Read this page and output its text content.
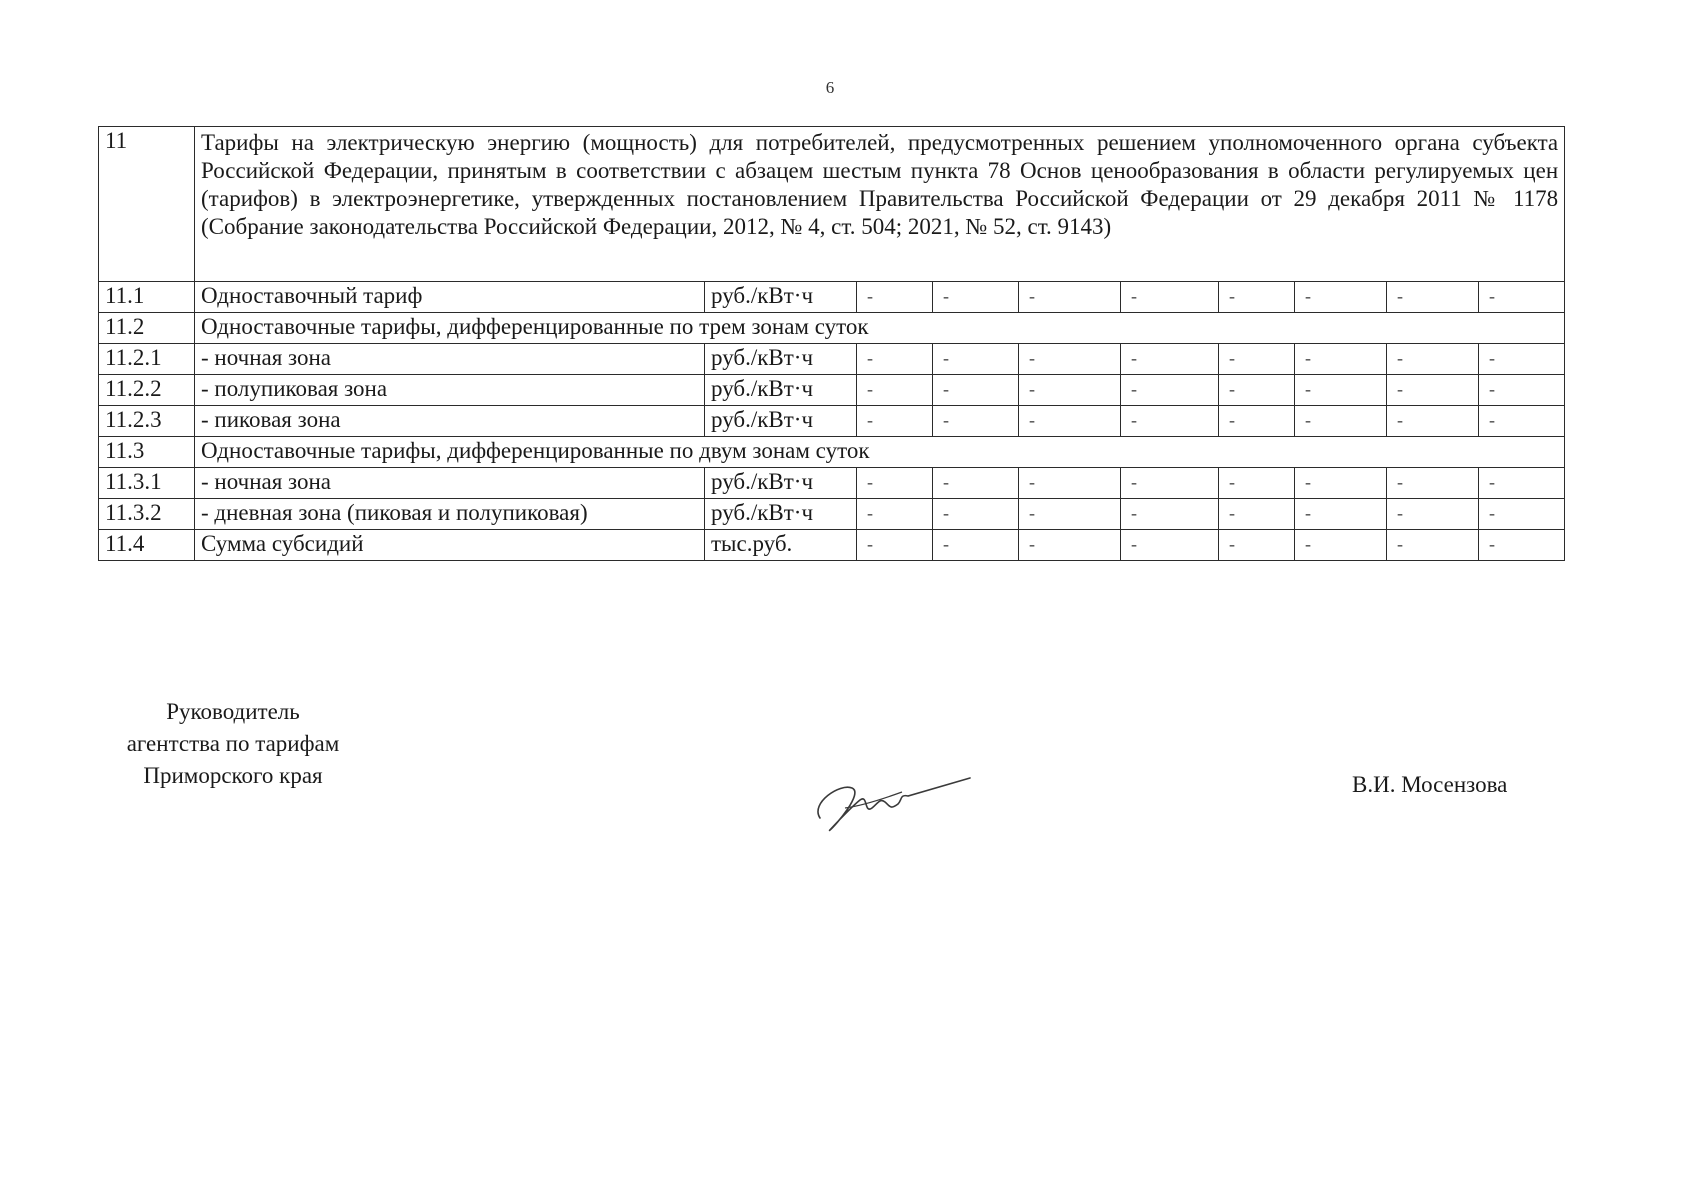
6
11	Тарифы на электрическую энергию (мощность) для потребителей, предусмотренных решением уполномоченного органа субъекта Российской Федерации, принятым в соответствии с абзацем шестым пункта 78 Основ ценообразования в области регулируемых цен (тарифов) в электроэнергетике, утвержденных постановлением Правительства Российской Федерации от 29 декабря 2011 № 1178 (Собрание законодательства Российской Федерации, 2012, № 4, ст. 504; 2021, № 52, ст. 9143)									
11.1	Одноставочный тариф	руб./кВт·ч	-	-	-	-	-	-	-	-
11.2	Одноставочные тарифы, дифференцированные по трем зонам суток									
11.2.1	- ночная зона	руб./кВт·ч	-	-	-	-	-	-	-	-
11.2.2	- полупиковая зона	руб./кВт·ч	-	-	-	-	-	-	-	-
11.2.3	- пиковая зона	руб./кВт·ч	-	-	-	-	-	-	-	-
11.3	Одноставочные тарифы, дифференцированные по двум зонам суток									
11.3.1	- ночная зона	руб./кВт·ч	-	-	-	-	-	-	-	-
11.3.2	- дневная зона (пиковая и полупиковая)	руб./кВт·ч	-	-	-	-	-	-	-	-
11.4	Сумма субсидий	тыс.руб.	-	-	-	-	-	-	-	-
Руководитель
агентства по тарифам
Приморского края	В.И. Мосензова
